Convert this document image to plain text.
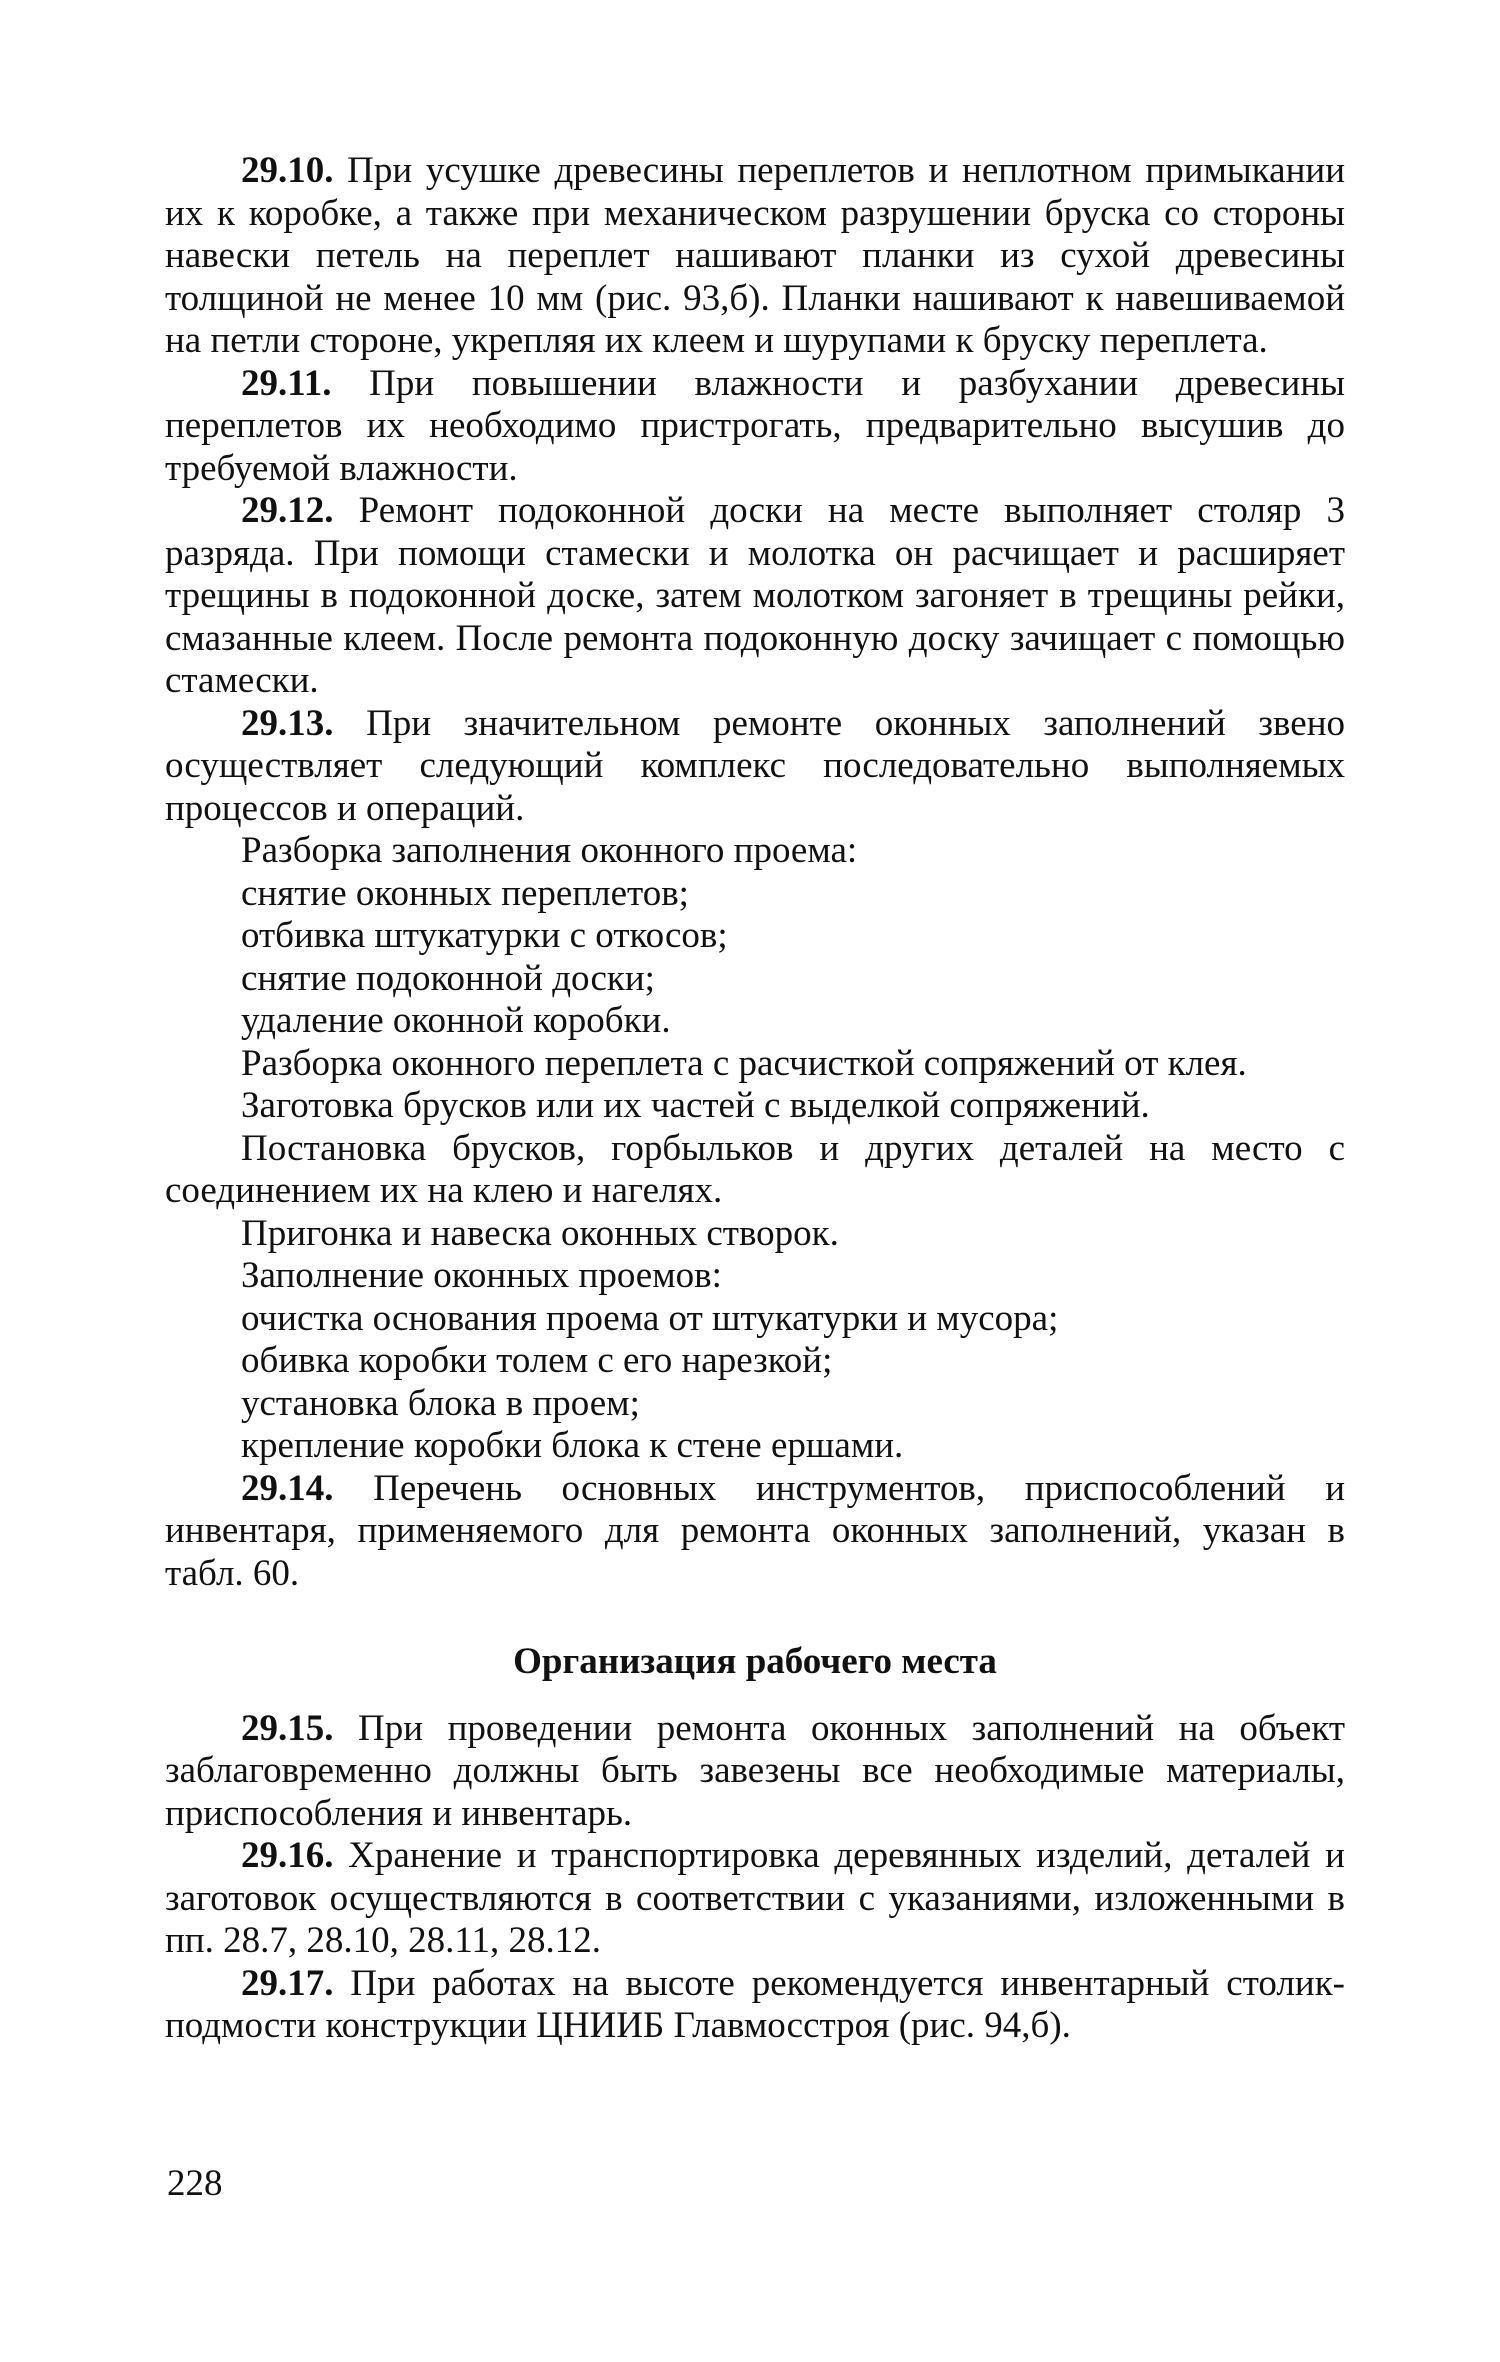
29.10. При усушке древесины переплетов и неплотном примыкании их к коробке, а также при механическом разрушении бруска со стороны навески петель на переплет нашивают планки из сухой древесины толщиной не менее 10 мм (рис. 93,б). Планки нашивают к навешиваемой на петли стороне, укрепляя их клеем и шурупами к бруску переплета.

29.11. При повышении влажности и разбухании древесины переплетов их необходимо пристрогать, предварительно высушив до требуемой влажности.

29.12. Ремонт подоконной доски на месте выполняет столяр 3 разряда. При помощи стамески и молотка он расчищает и расширяет трещины в подоконной доске, затем молотком загоняет в трещины рейки, смазанные клеем. После ремонта подоконную доску зачищает с помощью стамески.

29.13. При значительном ремонте оконных заполнений звено осуществляет следующий комплекс последовательно выполняемых процессов и операций.

Разборка заполнения оконного проема:

снятие оконных переплетов;

отбивка штукатурки с откосов;

снятие подоконной доски;

удаление оконной коробки.

Разборка оконного переплета с расчисткой сопряжений от клея.

Заготовка брусков или их частей с выделкой сопряжений.

Постановка брусков, горбыльков и других деталей на место с соединением их на клею и нагелях.

Пригонка и навеска оконных створок.

Заполнение оконных проемов:

очистка основания проема от штукатурки и мусора;

обивка коробки толем с его нарезкой;

установка блока в проем;

крепление коробки блока к стене ершами.

29.14. Перечень основных инструментов, приспособлений и инвентаря, применяемого для ремонта оконных заполнений, указан в табл. 60.

Организация рабочего места

29.15. При проведении ремонта оконных заполнений на объект заблаговременно должны быть завезены все необходимые материалы, приспособления и инвентарь.

29.16. Хранение и транспортировка деревянных изделий, деталей и заготовок осуществляются в соответствии с указаниями, изложенными в пп. 28.7, 28.10, 28.11, 28.12.

29.17. При работах на высоте рекомендуется инвентарный столик-подмости конструкции ЦНИИБ Главмосстроя (рис. 94,б).

228
